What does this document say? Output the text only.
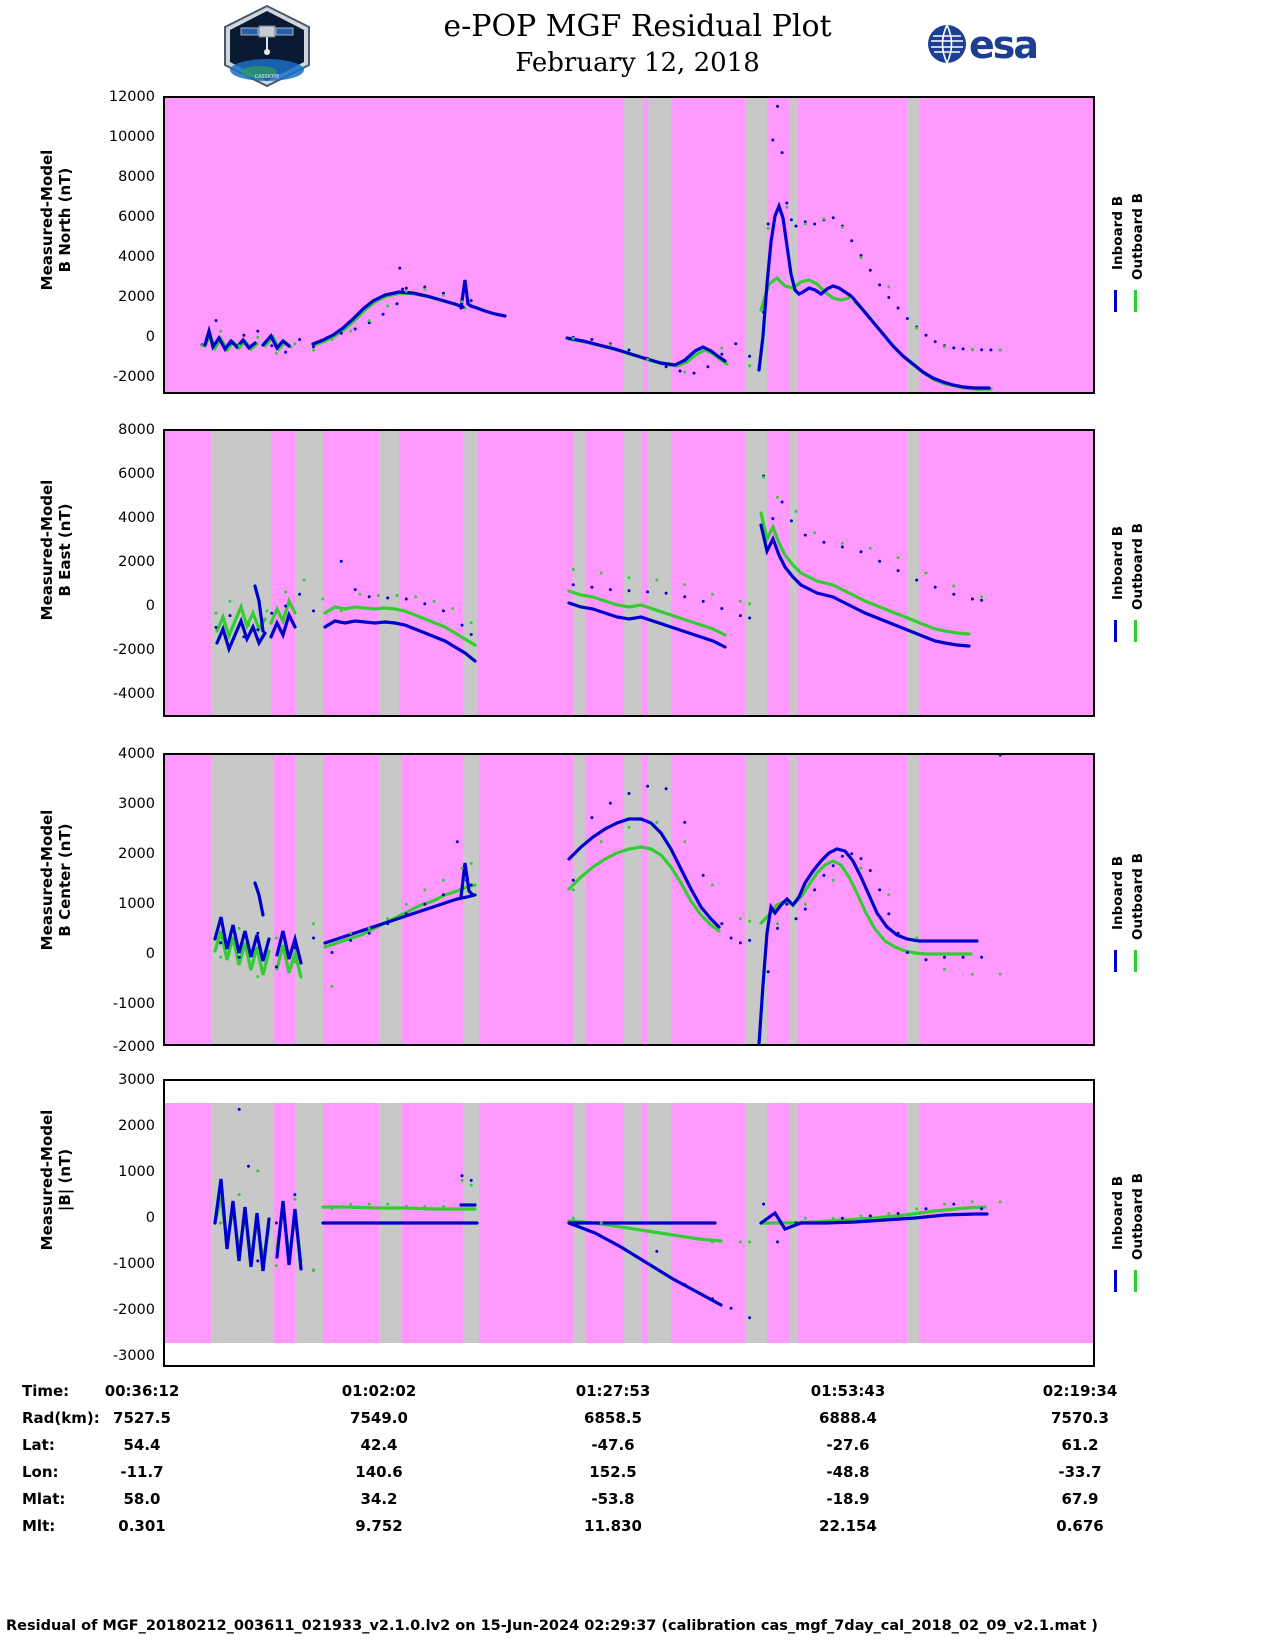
CASSIOPE
e-POP MGF Residual Plot
February 12, 2018	esa
Measured-Model
B North (nT)
12000
10000
8000
6000
4000
2000
0
-2000
Inboard B Outboard B
Measured-Model
B East (nT)
8000
6000
4000
2000
0
-2000
-4000
Inboard B Outboard B
Measured-Model
B Center (nT)
4000
3000
2000
1000
0
-1000
-2000
Inboard B Outboard B
Measured-Model
|B| (nT)
3000
2000
1000
0
-1000
-2000
-3000
Inboard B Outboard B
Time:	00:36:12	01:02:02	01:27:53	01:53:43	02:19:34
Rad(km): 7527.5	7549.0	6858.5	6888.4	7570.3
Lat:	54.4	42.4	-47.6	-27.6	61.2
Lon:	-11.7	140.6	152.5	-48.8	-33.7
Mlat:	58.0	34.2	-53.8	-18.9	67.9
Mlt:	0.301	9.752	11.830	22.154	0.676
Residual of MGF_20180212_003611_021933_v2.1.0.lv2 on 15-Jun-2024 02:29:37 (calibration cas_mgf_7day_cal_2018_02_09_v2.1.mat )
